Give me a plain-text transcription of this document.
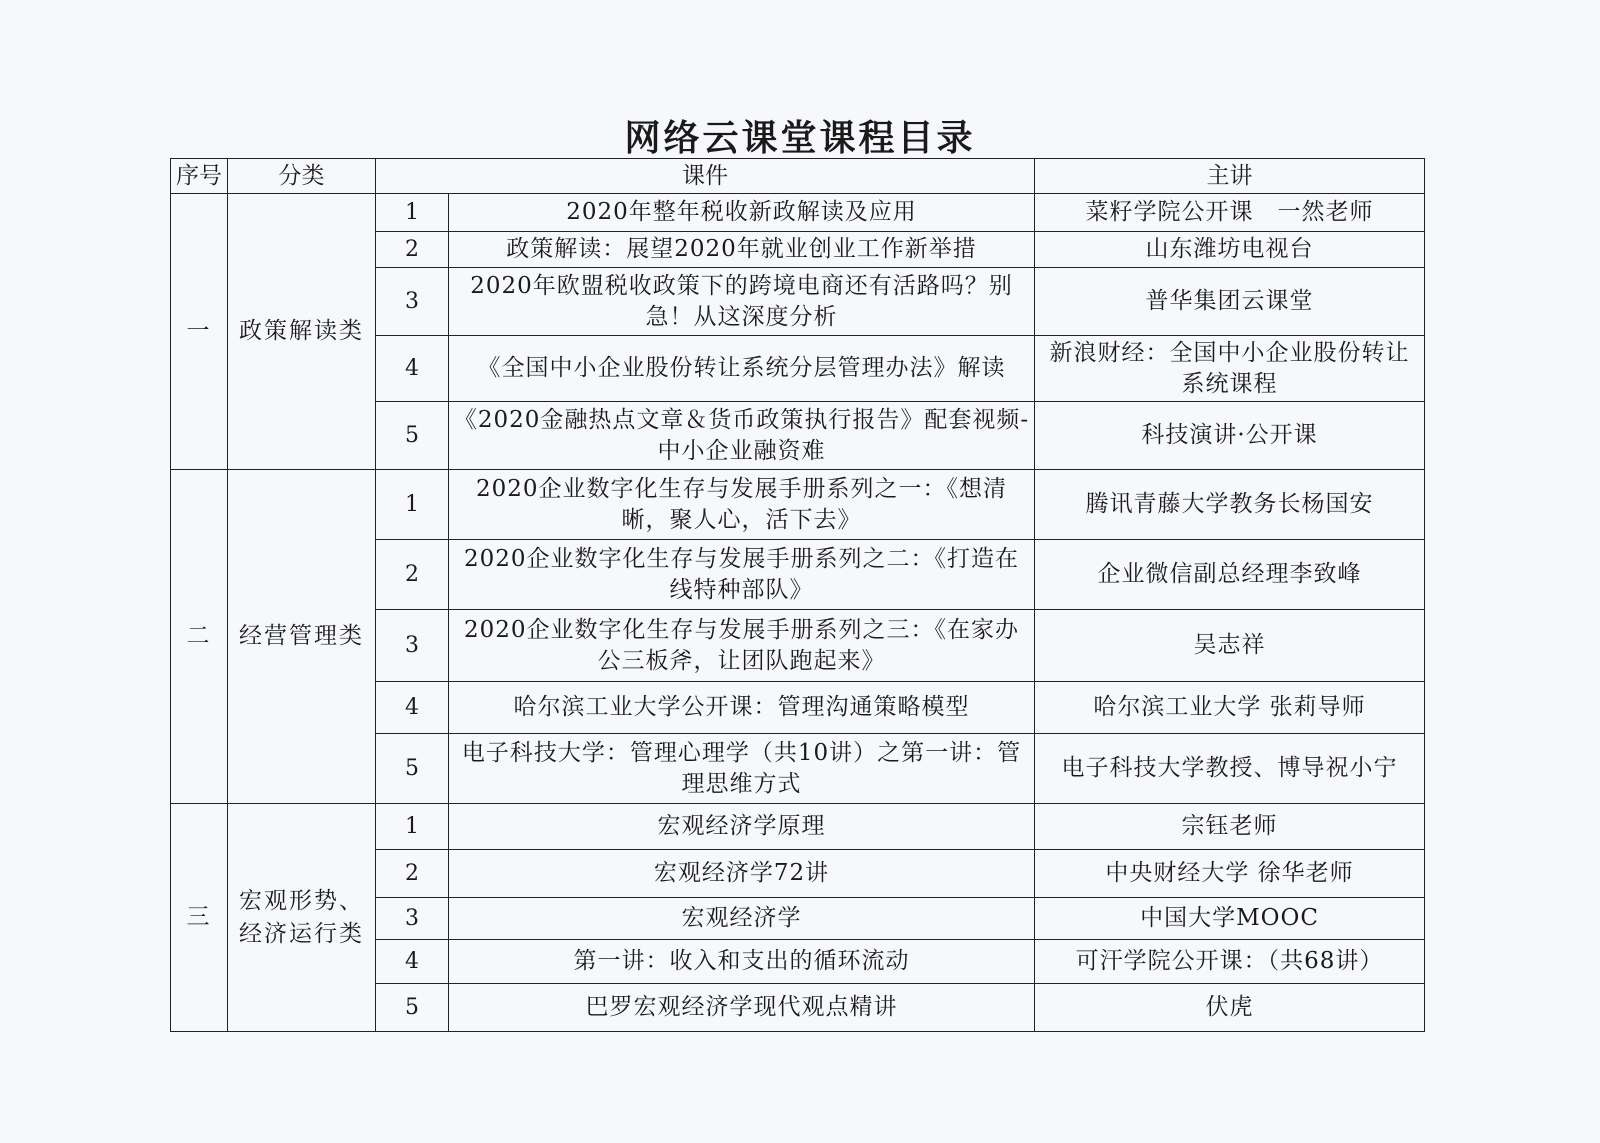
网络云课堂课程目录
序号	分类	课件		主讲
一	政策解读类	1	2020年整年税收新政解读及应用	菜籽学院公开课　一然老师
		2	政策解读：展望2020年就业创业工作新举措	山东潍坊电视台
		3	2020年欧盟税收政策下的跨境电商还有活路吗？别急！从这深度分析	普华集团云课堂
		4	《全国中小企业股份转让系统分层管理办法》解读	新浪财经：全国中小企业股份转让系统课程
		5	《2020金融热点文章＆货币政策执行报告》配套视频-中小企业融资难	科技演讲·公开课
二	经营管理类	1	2020企业数字化生存与发展手册系列之一：《想清晰，聚人心，活下去》	腾讯青藤大学教务长杨国安
		2	2020企业数字化生存与发展手册系列之二：《打造在线特种部队》	企业微信副总经理李致峰
		3	2020企业数字化生存与发展手册系列之三：《在家办公三板斧，让团队跑起来》	吴志祥
		4	哈尔滨工业大学公开课：管理沟通策略模型	哈尔滨工业大学 张莉导师
		5	电子科技大学：管理心理学（共10讲）之第一讲：管理思维方式	电子科技大学教授、博导祝小宁
三	宏观形势、经济运行类	1	宏观经济学原理	宗钰老师
		2	宏观经济学72讲	中央财经大学 徐华老师
		3	宏观经济学	中国大学MOOC
		4	第一讲：收入和支出的循环流动	可汗学院公开课：（共68讲）
		5	巴罗宏观经济学现代观点精讲	伏虎
